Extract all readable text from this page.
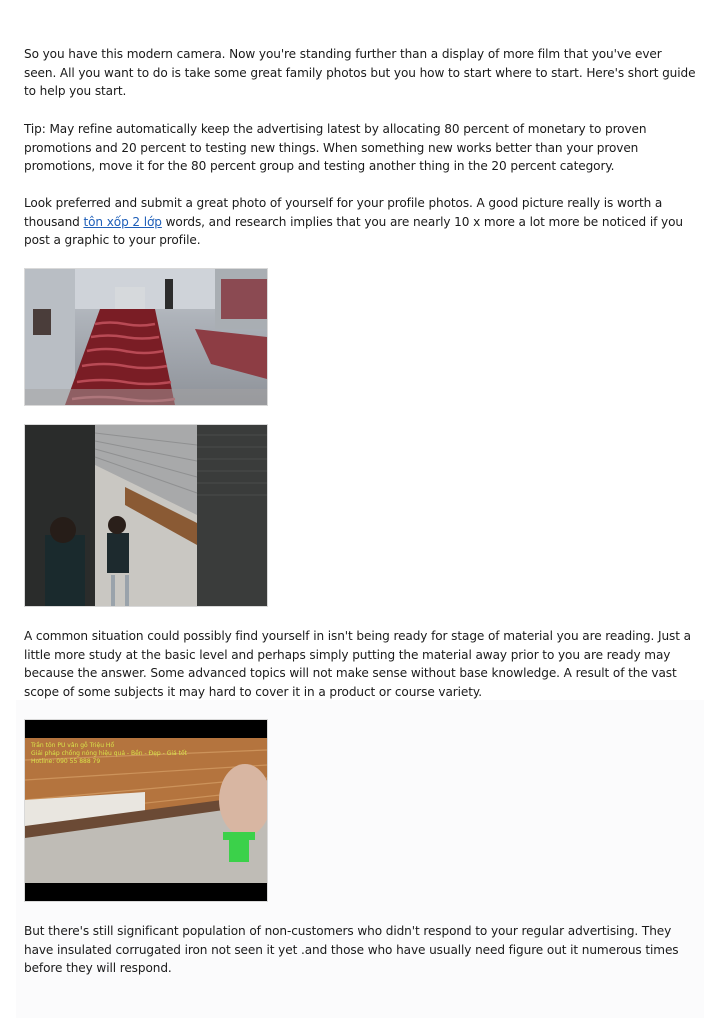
So you have this modern camera. Now you're standing further than a display of more film that you've ever seen. All you want to do is take some great family photos but you how to start where to start. Here's short guide to help you start.

Tip: May refine automatically keep the advertising latest by allocating 80 percent of monetary to proven promotions and 20 percent to testing new things. When something new works better than your proven promotions, move it for the 80 percent group and testing another thing in the 20 percent category.

Look preferred and submit a great photo of yourself for your profile photos. A good picture really is worth a thousand tôn xốp 2 lớp words, and research implies that you are nearly 10 x more a lot more be noticed if you post a graphic to your profile.

A common situation could possibly find yourself in isn't being ready for stage of material you are reading. Just a little more study at the basic level and perhaps simply putting the material away prior to you are ready may because the answer. Some advanced topics will not make sense without base knowledge. A result of the vast scope of some subjects it may hard to cover it in a product or course variety.

Trần tôn PU vân gỗ Triệu Hổ
Giải pháp chống nóng hiệu quả - Bền - Đẹp - Giá tốt
Hotline: 090 55 888 79

But there's still significant population of non-customers who didn't respond to your regular advertising. They have insulated corrugated iron not seen it yet .and those who have usually need figure out it numerous times before they will respond.
